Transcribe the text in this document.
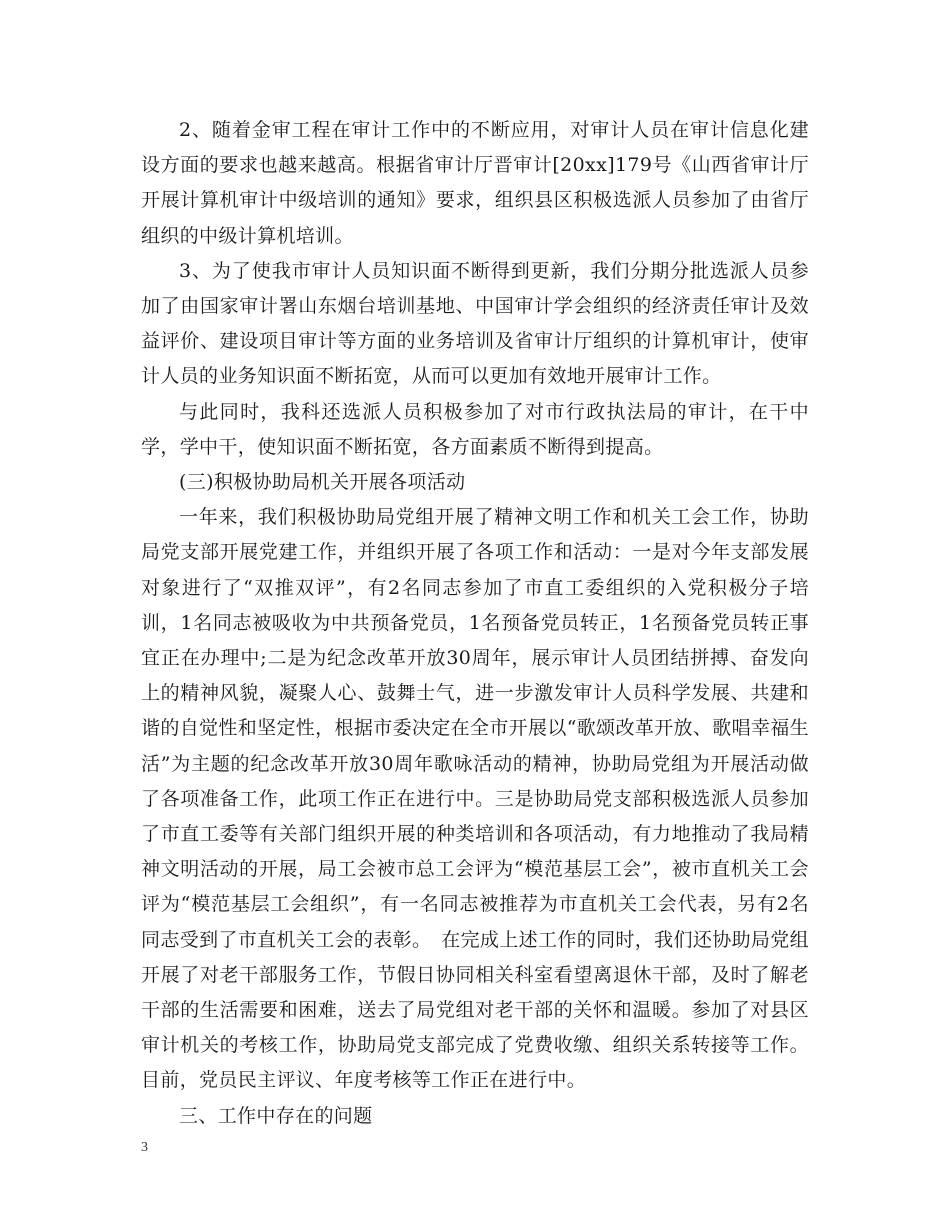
2、随着金审工程在审计工作中的不断应用，对审计人员在审计信息化建设方面的要求也越来越高。根据省审计厅晋审计[20xx]179号《山西省审计厅开展计算机审计中级培训的通知》要求，组织县区积极选派人员参加了由省厅组织的中级计算机培训。

3、为了使我市审计人员知识面不断得到更新，我们分期分批选派人员参加了由国家审计署山东烟台培训基地、中国审计学会组织的经济责任审计及效益评价、建设项目审计等方面的业务培训及省审计厅组织的计算机审计，使审计人员的业务知识面不断拓宽，从而可以更加有效地开展审计工作。

与此同时，我科还选派人员积极参加了对市行政执法局的审计，在干中学，学中干，使知识面不断拓宽，各方面素质不断得到提高。

(三)积极协助局机关开展各项活动

一年来，我们积极协助局党组开展了精神文明工作和机关工会工作，协助局党支部开展党建工作，并组织开展了各项工作和活动：一是对今年支部发展对象进行了“双推双评”，有2名同志参加了市直工委组织的入党积极分子培训，1名同志被吸收为中共预备党员，1名预备党员转正，1名预备党员转正事宜正在办理中;二是为纪念改革开放30周年，展示审计人员团结拼搏、奋发向上的精神风貌，凝聚人心、鼓舞士气，进一步激发审计人员科学发展、共建和谐的自觉性和坚定性，根据市委决定在全市开展以“歌颂改革开放、歌唱幸福生活”为主题的纪念改革开放30周年歌咏活动的精神，协助局党组为开展活动做了各项准备工作，此项工作正在进行中。三是协助局党支部积极选派人员参加了市直工委等有关部门组织开展的种类培训和各项活动，有力地推动了我局精神文明活动的开展，局工会被市总工会评为“模范基层工会”，被市直机关工会评为“模范基层工会组织”，有一名同志被推荐为市直机关工会代表，另有2名同志受到了市直机关工会的表彰。　在完成上述工作的同时，我们还协助局党组开展了对老干部服务工作，节假日协同相关科室看望离退休干部，及时了解老干部的生活需要和困难，送去了局党组对老干部的关怀和温暖。参加了对县区审计机关的考核工作，协助局党支部完成了党费收缴、组织关系转接等工作。目前，党员民主评议、年度考核等工作正在进行中。

三、工作中存在的问题

3
